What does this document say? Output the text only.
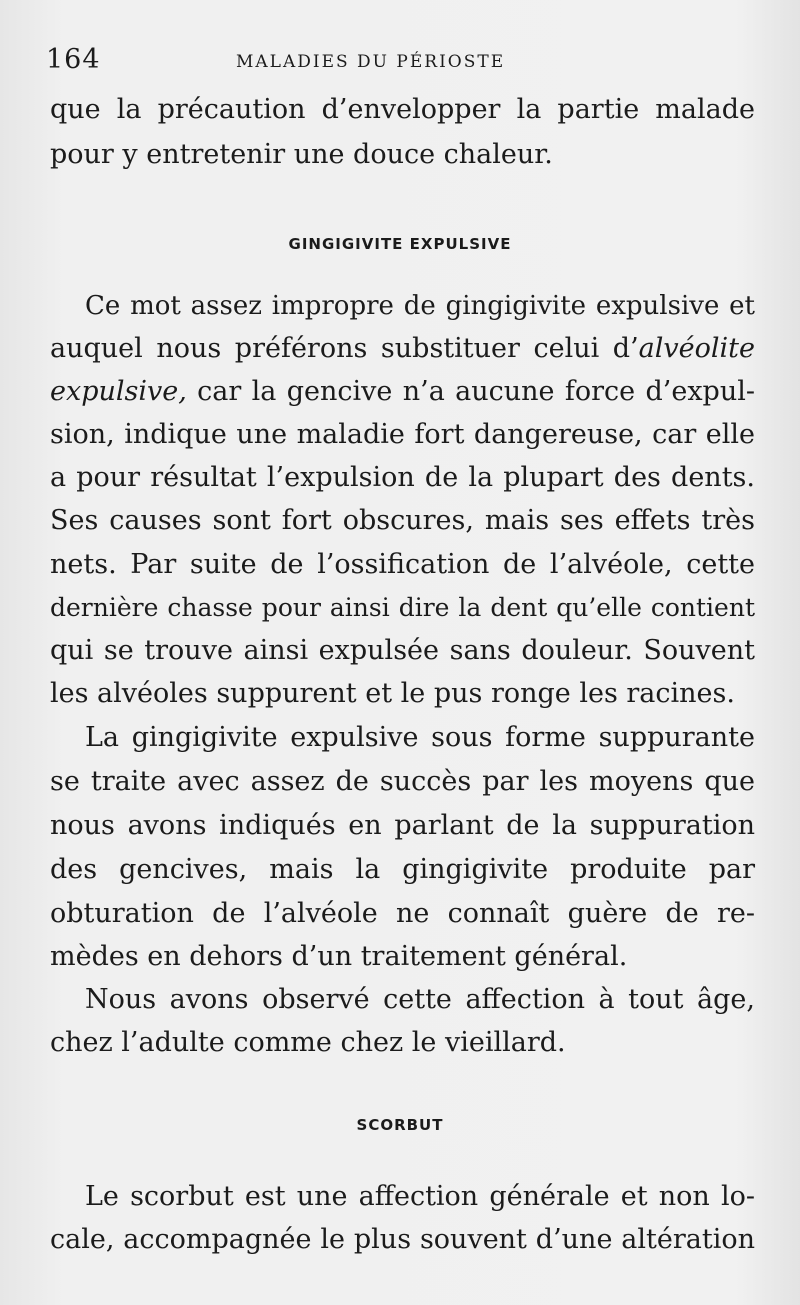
164	MALADIES DU PÉRIOSTE
que la précaution d’envelopper la partie malade
pour y entretenir une douce chaleur.
GINGIGIVITE EXPULSIVE
Ce mot assez impropre de gingigivite expulsive et
auquel nous préférons substituer celui d’alvéolite
expulsive, car la gencive n’a aucune force d’expul-
sion, indique une maladie fort dangereuse, car elle
a pour résultat l’expulsion de la plupart des dents.
Ses causes sont fort obscures, mais ses effets très
nets. Par suite de l’ossification de l’alvéole, cette
dernière chasse pour ainsi dire la dent qu’elle contient
qui se trouve ainsi expulsée sans douleur. Souvent
les alvéoles suppurent et le pus ronge les racines.
La gingigivite expulsive sous forme suppurante
se traite avec assez de succès par les moyens que
nous avons indiqués en parlant de la suppuration
des gencives, mais la gingigivite produite par
obturation de l’alvéole ne connaît guère de re-
mèdes en dehors d’un traitement général.
Nous avons observé cette affection à tout âge,
chez l’adulte comme chez le vieillard.
SCORBUT
Le scorbut est une affection générale et non lo-
cale, accompagnée le plus souvent d’une altération
